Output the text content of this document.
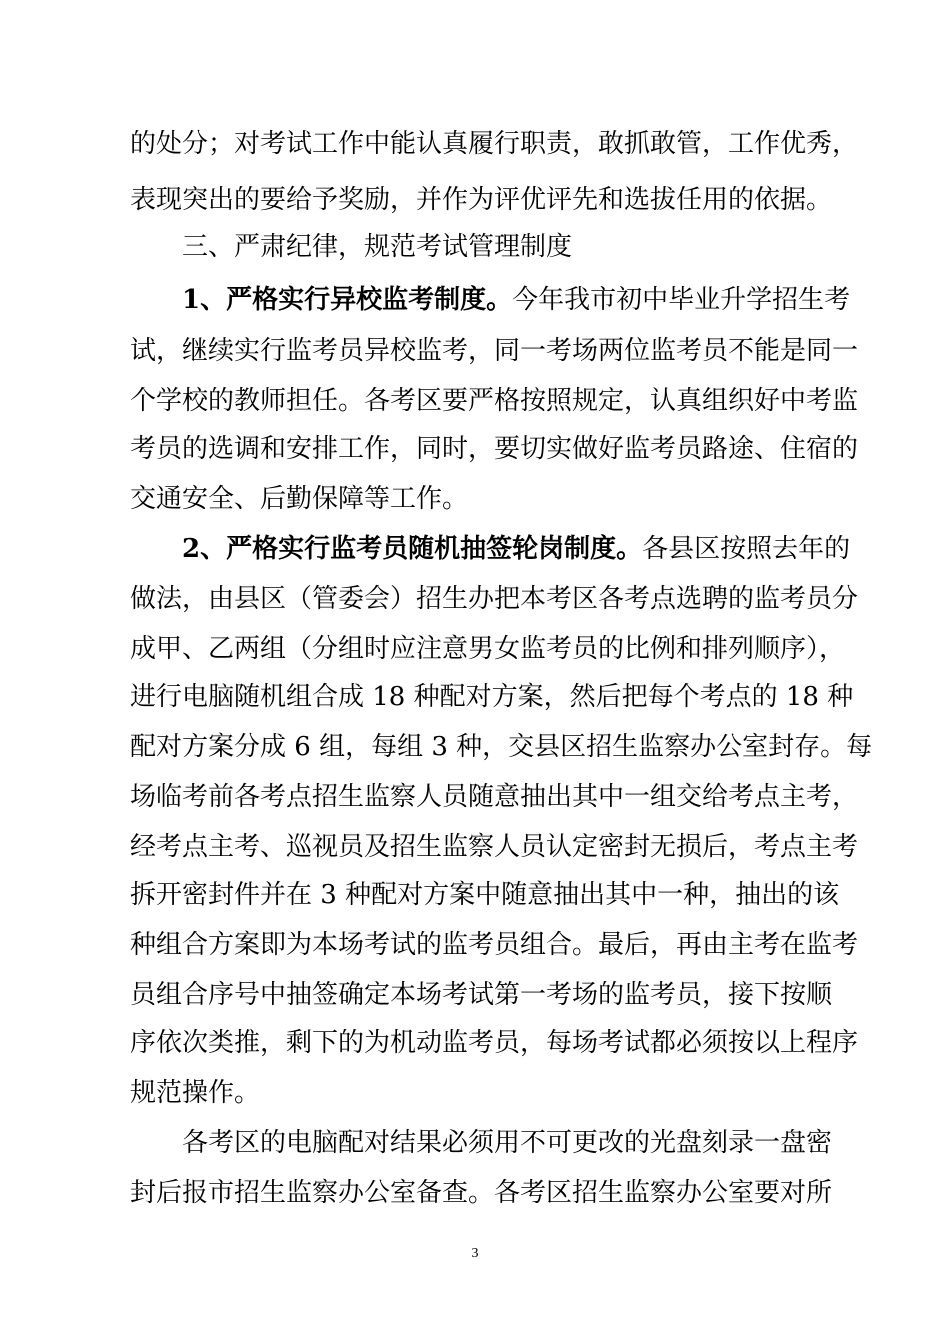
的处分；对考试工作中能认真履行职责，敢抓敢管，工作优秀，
表现突出的要给予奖励，并作为评优评先和选拔任用的依据。
三、严肃纪律，规范考试管理制度
1、严格实行异校监考制度。今年我市初中毕业升学招生考
试，继续实行监考员异校监考，同一考场两位监考员不能是同一
个学校的教师担任。各考区要严格按照规定，认真组织好中考监
考员的选调和安排工作，同时，要切实做好监考员路途、住宿的
交通安全、后勤保障等工作。
2、严格实行监考员随机抽签轮岗制度。各县区按照去年的
做法，由县区（管委会）招生办把本考区各考点选聘的监考员分
成甲、乙两组（分组时应注意男女监考员的比例和排列顺序），
进行电脑随机组合成 18 种配对方案，然后把每个考点的 18 种
配对方案分成 6 组，每组 3 种，交县区招生监察办公室封存。每
场临考前各考点招生监察人员随意抽出其中一组交给考点主考，
经考点主考、巡视员及招生监察人员认定密封无损后，考点主考
拆开密封件并在 3 种配对方案中随意抽出其中一种，抽出的该
种组合方案即为本场考试的监考员组合。最后，再由主考在监考
员组合序号中抽签确定本场考试第一考场的监考员，接下按顺
序依次类推，剩下的为机动监考员，每场考试都必须按以上程序
规范操作。
各考区的电脑配对结果必须用不可更改的光盘刻录一盘密
封后报市招生监察办公室备查。各考区招生监察办公室要对所
3
